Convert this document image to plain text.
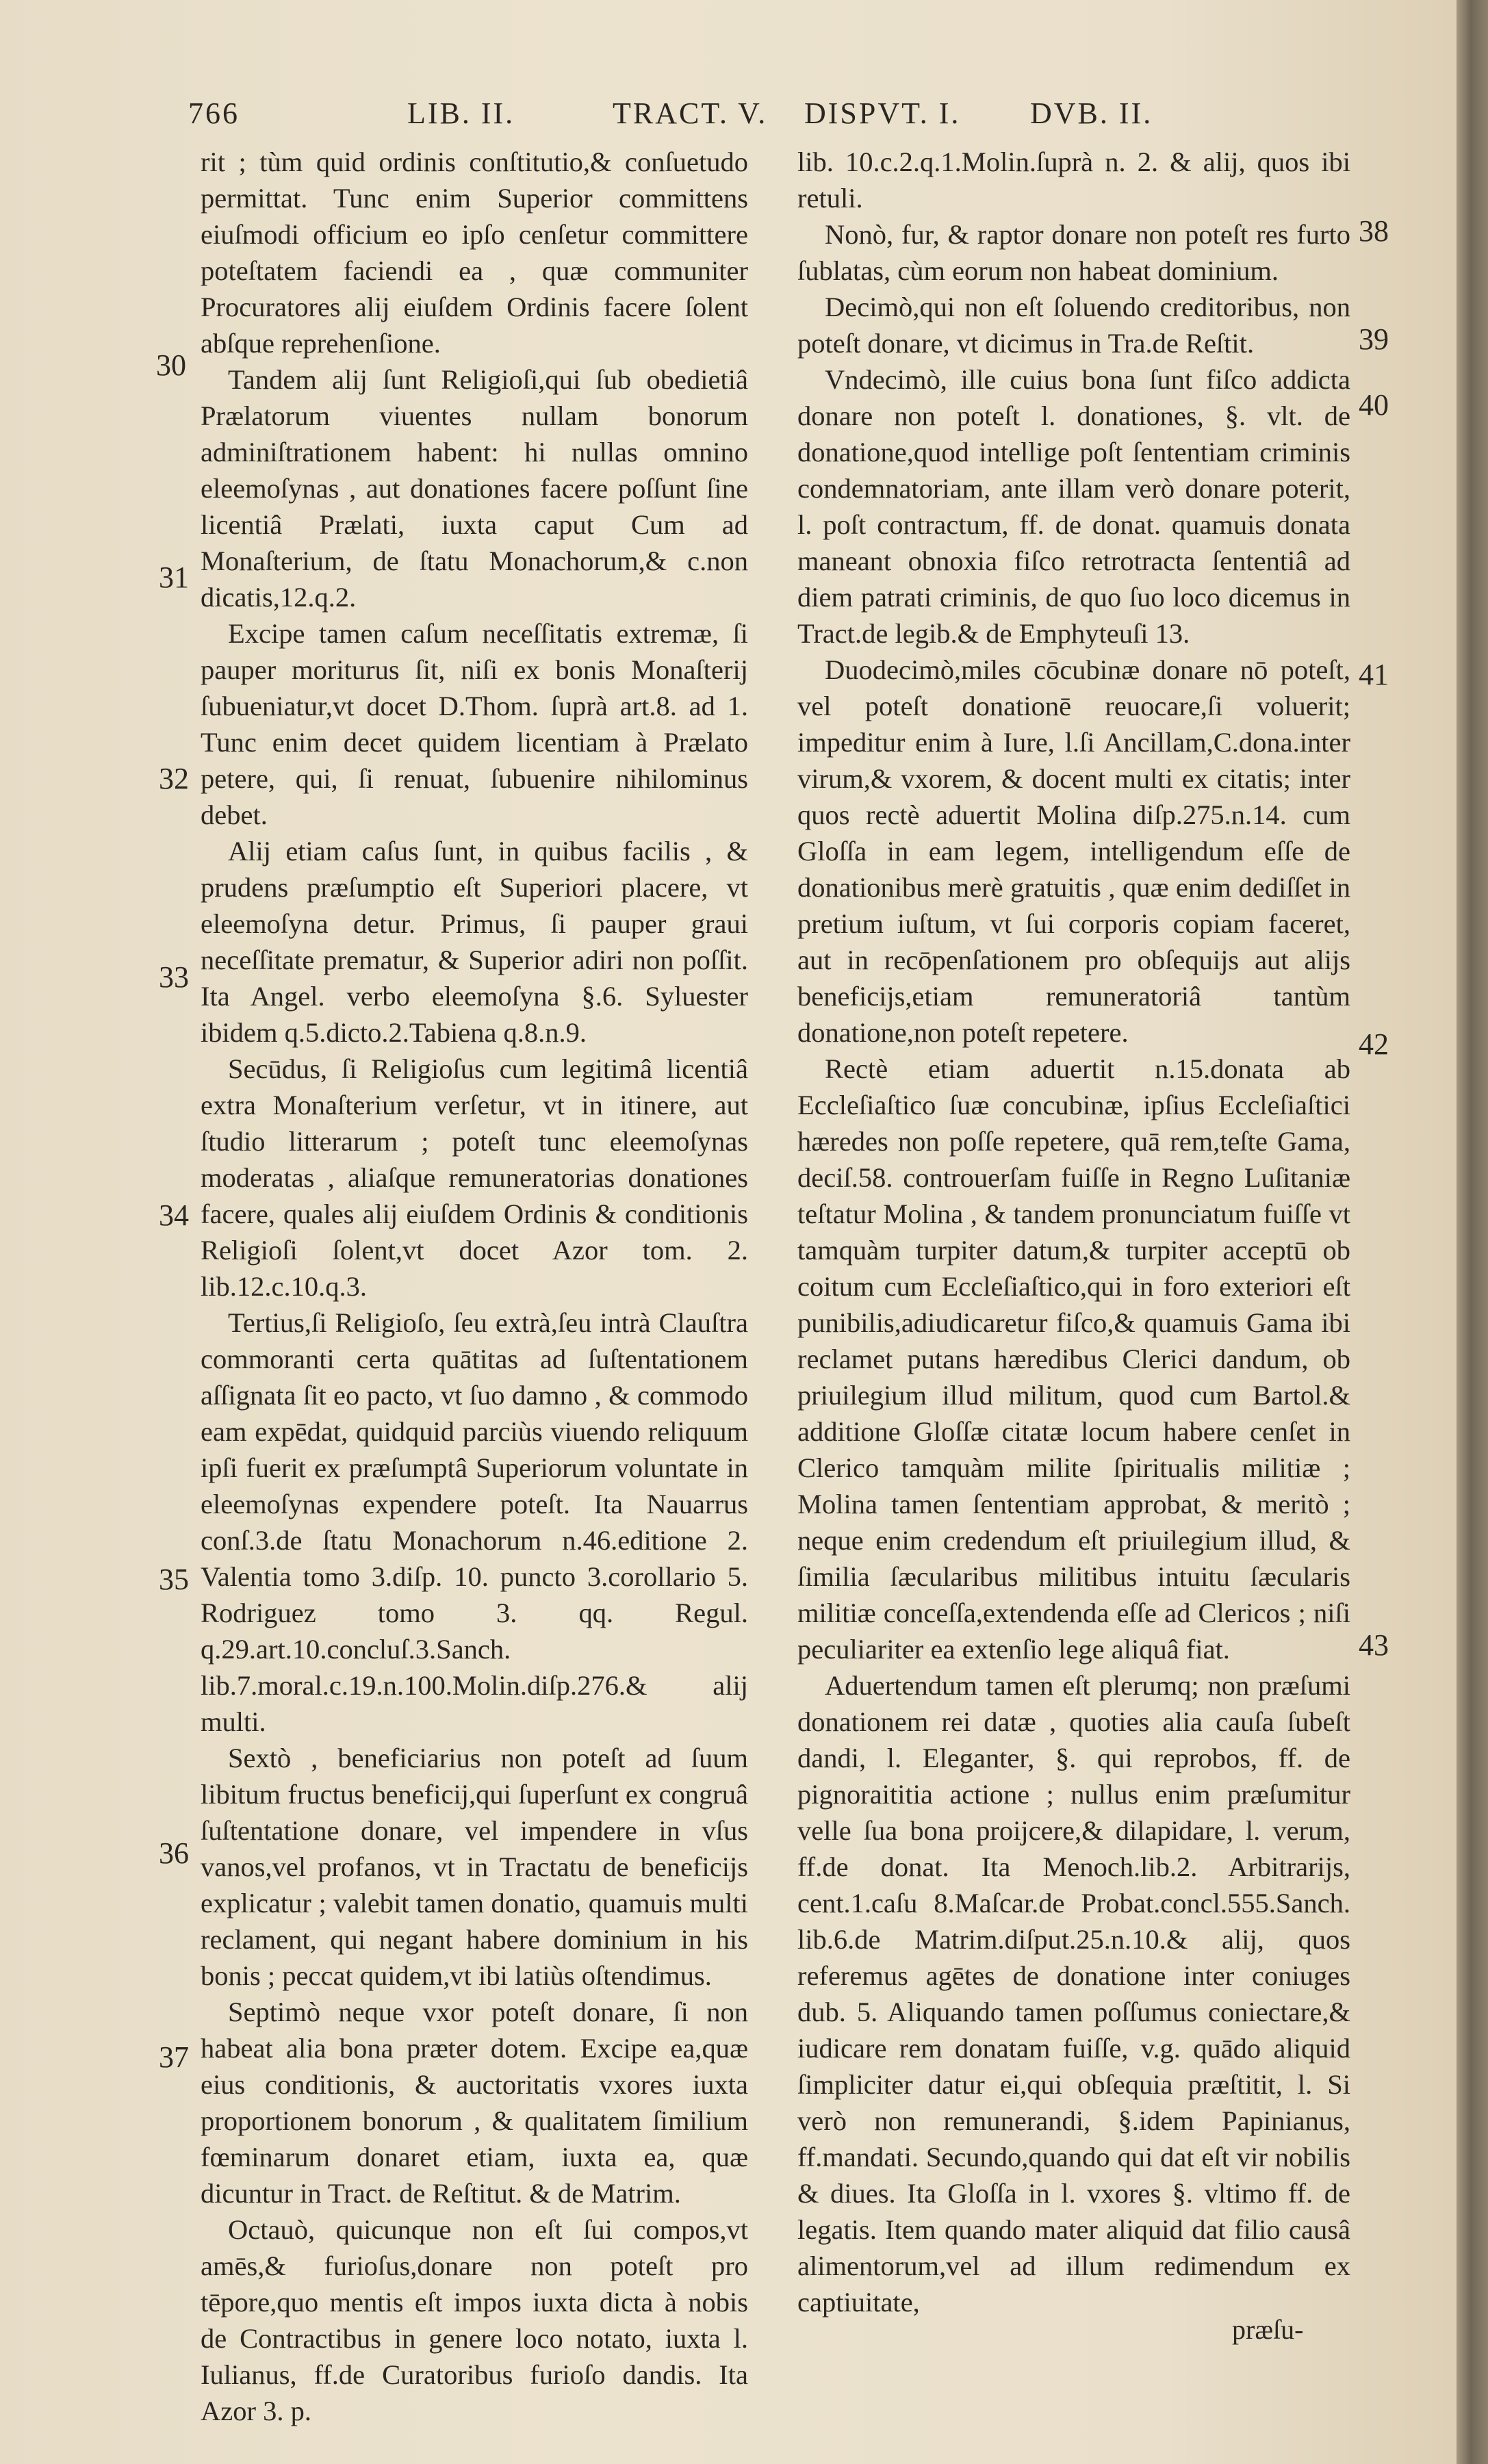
766	LIB. II.	TRACT. V. DISPVT. I. DVB. II.

rit ; tùm quid ordinis conſtitutio,& conſuetudo permittat. Tunc enim Superior committens eiuſmodi officium eo ipſo cenſetur committere poteſtatem faciendi ea , quæ communiter Procuratores alij eiuſdem Ordinis facere ſolent abſque reprehenſione.

Tandem alij ſunt Religioſi,qui ſub obedietiâ Prælatorum viuentes nullam bonorum adminiſtrationem habent: hi nullas omnino eleemoſynas , aut donationes facere poſſunt ſine licentiâ Prælati, iuxta caput Cum ad Monaſterium, de ſtatu Monachorum,& c.non dicatis,12.q.2.

Excipe tamen caſum neceſſitatis extremæ, ſi pauper moriturus ſit, niſi ex bonis Monaſterij ſubueniatur,vt docet D.Thom. ſuprà art.8. ad 1. Tunc enim decet quidem licentiam à Prælato petere, qui, ſi renuat, ſubuenire nihilominus debet.

Alij etiam caſus ſunt, in quibus facilis , & prudens præſumptio eſt Superiori placere, vt eleemoſyna detur. Primus, ſi pauper graui neceſſitate prematur, & Superior adiri non poſſit. Ita Angel. verbo eleemoſyna §.6. Syluester ibidem q.5.dicto.2.Tabiena q.8.n.9.

Secūdus, ſi Religioſus cum legitimâ licentiâ extra Monaſterium verſetur, vt in itinere, aut ſtudio litterarum ; poteſt tunc eleemoſynas moderatas , aliaſque remuneratorias donationes facere, quales alij eiuſdem Ordinis & conditionis Religioſi ſolent,vt docet Azor tom. 2. lib.12.c.10.q.3.

Tertius,ſi Religioſo, ſeu extrà,ſeu intrà Clauſtra commoranti certa quātitas ad ſuſtentationem aſſignata ſit eo pacto, vt ſuo damno , & commodo eam expēdat, quidquid parciùs viuendo reliquum ipſi fuerit ex præſumptâ Superiorum voluntate in eleemoſynas expendere poteſt. Ita Nauarrus conſ.3.de ſtatu Monachorum n.46.editione 2. Valentia tomo 3.diſp. 10. puncto 3.corollario 5. Rodriguez tomo 3. qq. Regul. q.29.art.10.concluſ.3.Sanch. lib.7.moral.c.19.n.100.Molin.diſp.276.& alij multi.

Sextò , beneficiarius non poteſt ad ſuum libitum fructus beneficij,qui ſuperſunt ex congruâ ſuſtentatione donare, vel impendere in vſus vanos,vel profanos, vt in Tractatu de beneficijs explicatur ; valebit tamen donatio, quamuis multi reclament, qui negant habere dominium in his bonis ; peccat quidem,vt ibi latiùs oſtendimus.

Septimò neque vxor poteſt donare, ſi non habeat alia bona præter dotem. Excipe ea,quæ eius conditionis, & auctoritatis vxores iuxta proportionem bonorum , & qualitatem ſimilium fœminarum donaret etiam, iuxta ea, quæ dicuntur in Tract. de Reſtitut. & de Matrim.

Octauò, quicunque non eſt ſui compos,vt amēs,& furioſus,donare non poteſt pro tēpore,quo mentis eſt impos iuxta dicta à nobis de Contractibus in genere loco notato, iuxta l. Iulianus, ff.de Curatoribus furioſo dandis. Ita Azor 3. p.

lib. 10.c.2.q.1.Molin.ſuprà n. 2. & alij, quos ibi retuli.

Nonò, fur, & raptor donare non poteſt res furto ſublatas, cùm eorum non habeat dominium.

Decimò,qui non eſt ſoluendo creditoribus, non poteſt donare, vt dicimus in Tra.de Reſtit.

Vndecimò, ille cuius bona ſunt fiſco addicta donare non poteſt l. donationes, §. vlt. de donatione,quod intellige poſt ſententiam criminis condemnatoriam, ante illam verò donare poterit, l. poſt contractum, ff. de donat. quamuis donata maneant obnoxia fiſco retrotracta ſententiâ ad diem patrati criminis, de quo ſuo loco dicemus in Tract.de legib.& de Emphyteuſi 13.

Duodecimò,miles cōcubinæ donare nō poteſt, vel poteſt donationē reuocare,ſi voluerit; impeditur enim à Iure, l.ſi Ancillam,C.dona.inter virum,& vxorem, & docent multi ex citatis; inter quos rectè aduertit Molina diſp.275.n.14. cum Gloſſa in eam legem, intelligendum eſſe de donationibus merè gratuitis , quæ enim dediſſet in pretium iuſtum, vt ſui corporis copiam faceret, aut in recōpenſationem pro obſequijs aut alijs beneficijs,etiam remuneratoriâ tantùm donatione,non poteſt repetere.

Rectè etiam aduertit n.15.donata ab Eccleſiaſtico ſuæ concubinæ, ipſius Eccleſiaſtici hæredes non poſſe repetere, quā rem,teſte Gama, deciſ.58. controuerſam fuiſſe in Regno Luſitaniæ teſtatur Molina , & tandem pronunciatum fuiſſe vt tamquàm turpiter datum,& turpiter acceptū ob coitum cum Eccleſiaſtico,qui in foro exteriori eſt punibilis,adiudicaretur fiſco,& quamuis Gama ibi reclamet putans hæredibus Clerici dandum, ob priuilegium illud militum, quod cum Bartol.& additione Gloſſæ citatæ locum habere cenſet in Clerico tamquàm milite ſpiritualis militiæ ; Molina tamen ſententiam approbat, & meritò ; neque enim credendum eſt priuilegium illud, & ſimilia ſæcularibus militibus intuitu ſæcularis militiæ conceſſa,extendenda eſſe ad Clericos ; niſi peculiariter ea extenſio lege aliquâ fiat.

Aduertendum tamen eſt plerumq; non præſumi donationem rei datæ , quoties alia cauſa ſubeſt dandi, l. Eleganter, §. qui reprobos, ff. de pignoraititia actione ; nullus enim præſumitur velle ſua bona proijcere,& dilapidare, l. verum, ff.de donat. Ita Menoch.lib.2. Arbitrarijs, cent.1.caſu 8.Maſcar.de Probat.concl.555.Sanch. lib.6.de Matrim.diſput.25.n.10.& alij, quos referemus agētes de donatione inter coniuges dub. 5. Aliquando tamen poſſumus coniectare,& iudicare rem donatam fuiſſe, v.g. quādo aliquid ſimpliciter datur ei,qui obſequia præſtitit, l. Si verò non remunerandi, §.idem Papinianus, ff.mandati. Secundo,quando qui dat eſt vir nobilis & diues. Ita Gloſſa in l. vxores §. vltimo ff. de legatis. Item quando mater aliquid dat filio causâ alimentorum,vel ad illum redimendum ex captiuitate,

30
31
32
33
34
35
36
37
38
39
40
41
42
43
præſu-
